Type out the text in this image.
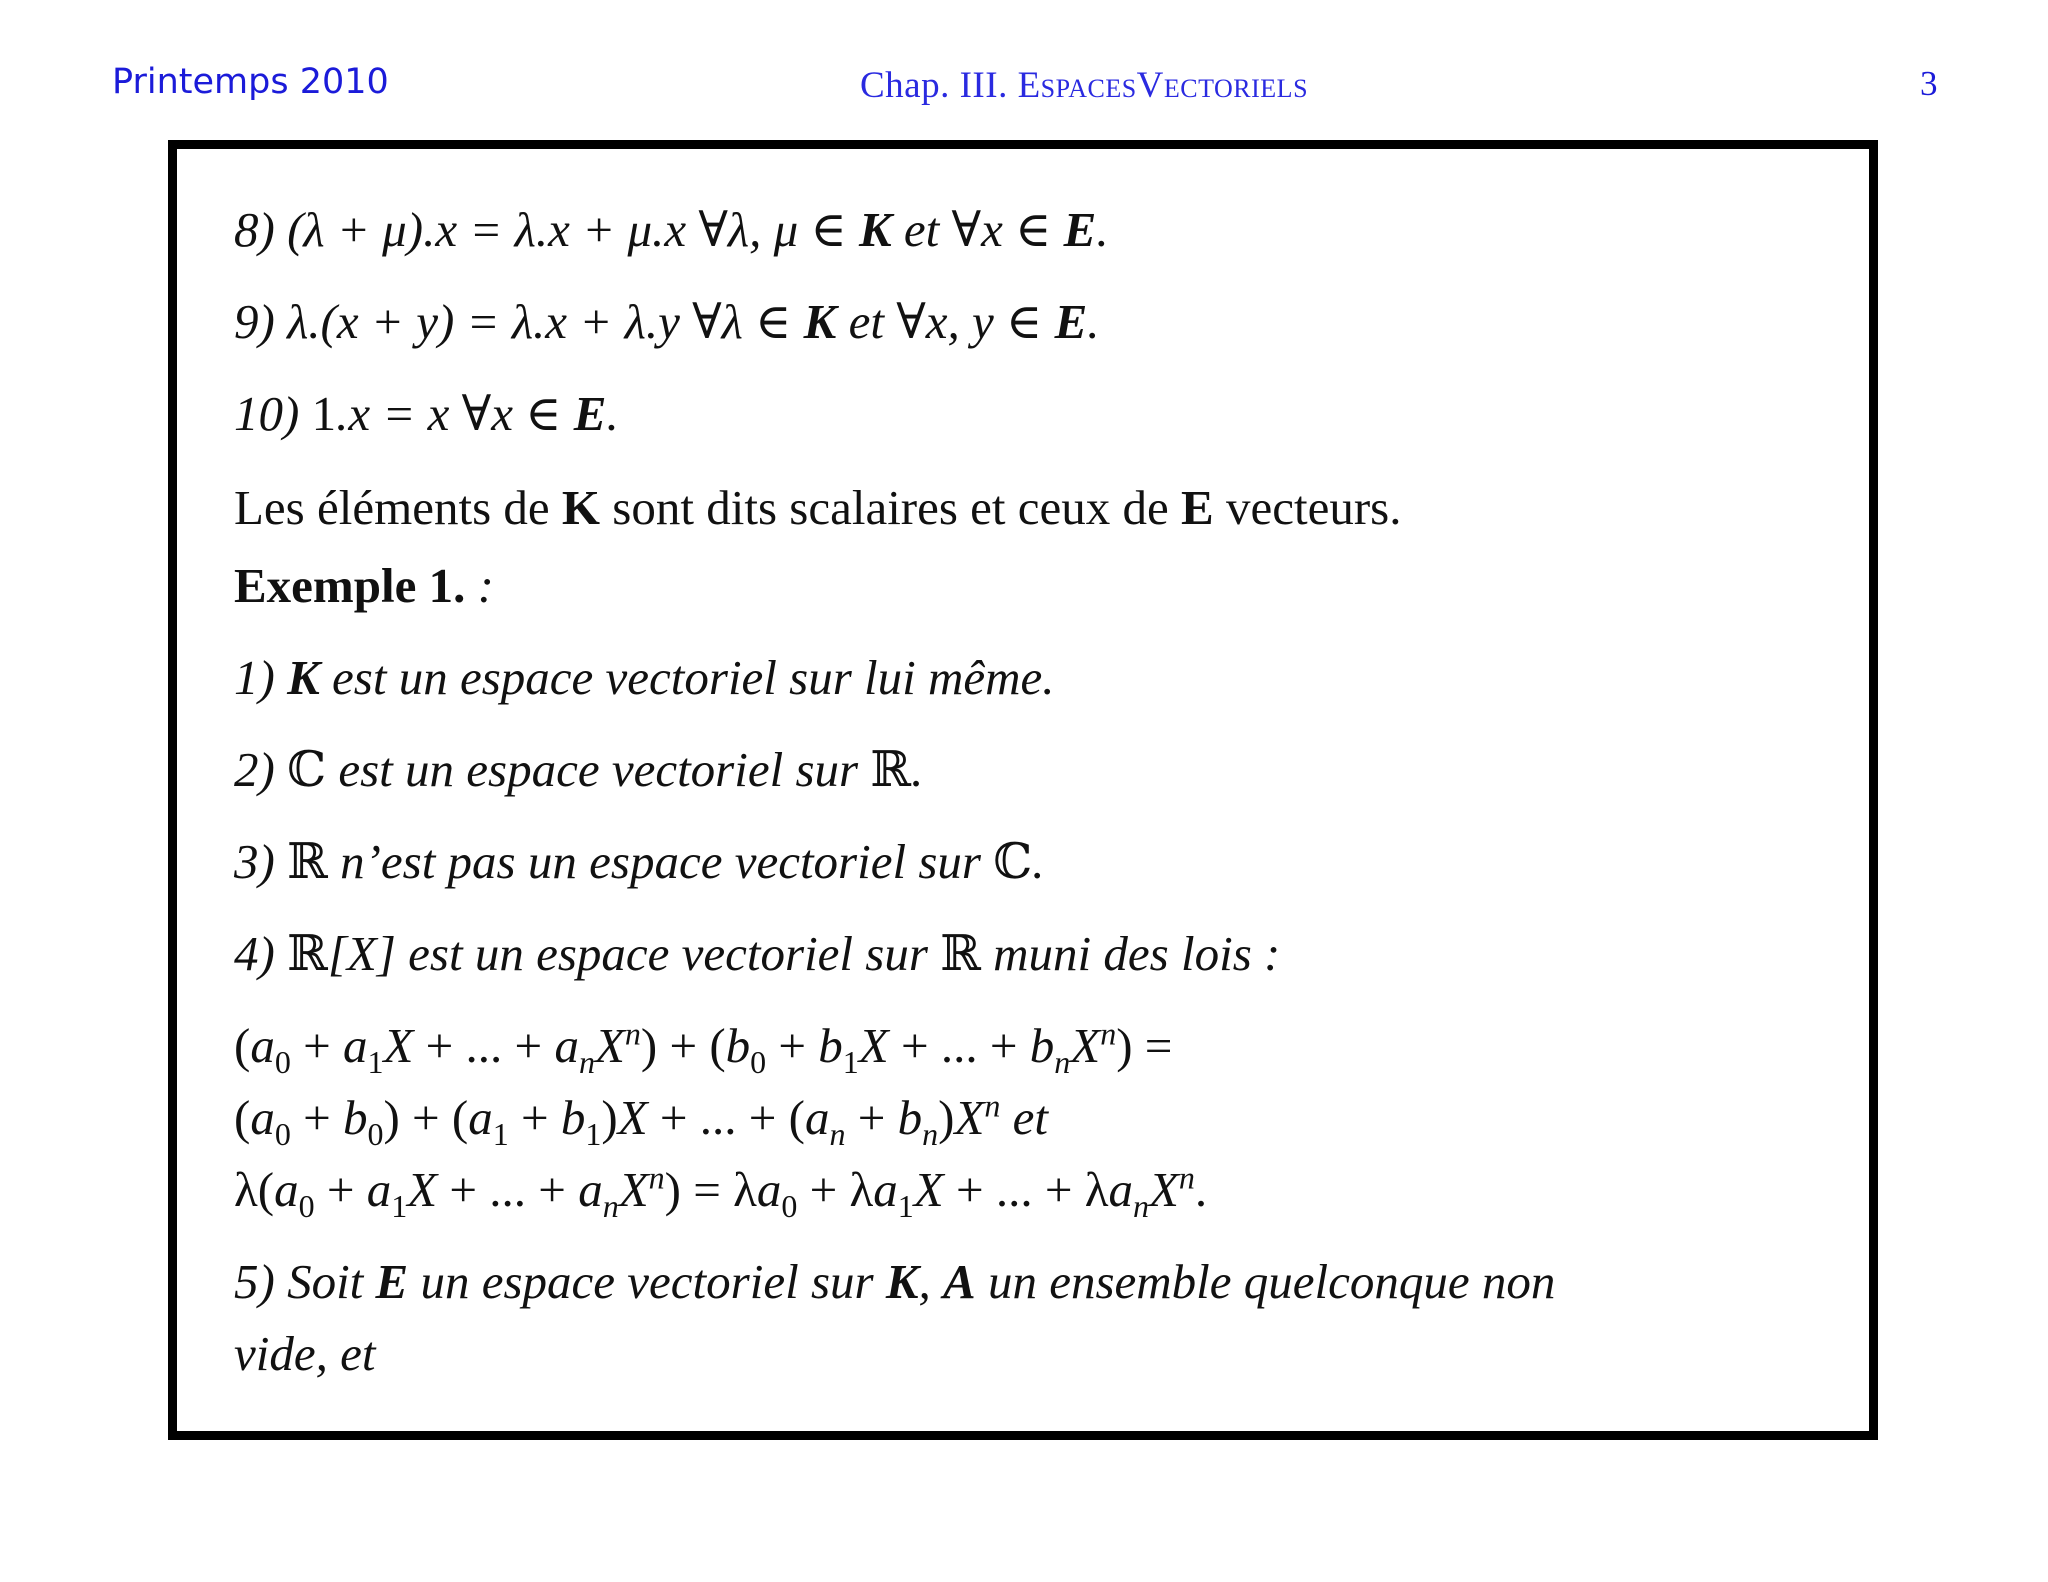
Printemps 2010	Chap. III. EspacesVectoriels	3
8) (λ + μ).x = λ.x + μ.x ∀λ, μ ∈ K et ∀x ∈ E.
9) λ.(x + y) = λ.x + λ.y ∀λ ∈ K et ∀x, y ∈ E.
10) 1.x = x ∀x ∈ E.
Les éléments de K sont dits scalaires et ceux de E vecteurs.
Exemple 1. :
1) K est un espace vectoriel sur lui même.
2) ℂ est un espace vectoriel sur ℝ.
3) ℝ n’est pas un espace vectoriel sur ℂ.
4) ℝ[X] est un espace vectoriel sur ℝ muni des lois :
($a_0 + a_1X$ + ... + $a_nX^n) + (b_0 + b_1X$ + ... + $b_nX^n$) =
$(a_0 + b_0) + (a_1 + b_1)X$ + ... + $(a_n + b_n)X^n$ et
$\lambda(a_0 + a_1X$ + ... + $a_nX^n) = \lambda a_0 + \lambda a_1X$ + ... + $\lambda a_nX^n$.
5) Soit E un espace vectoriel sur K, A un ensemble quelconque non
vide, et
